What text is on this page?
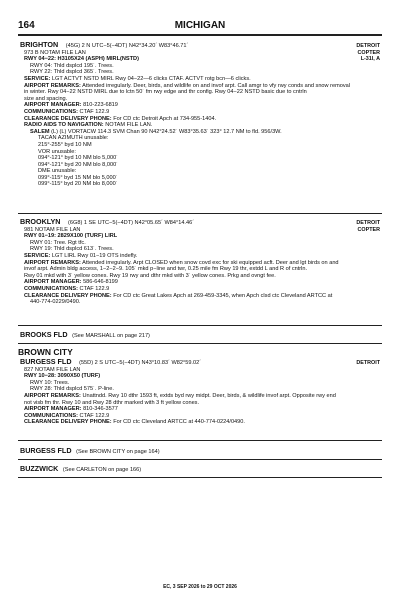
164	MICHIGAN
DETROIT
COPTER
L-31I, A
BRIGHTON (45G) 2 N UTC−5(−4DT) N42°34.20´ W83°46.71´
973 B NOTAM FILE LAN
RWY 04−22: H3105X24 (ASPH) MIRL(NSTD)
RWY 04: Thld dsplcd 195´. Trees.
RWY 22: Thld dsplcd 365´. Trees.
SERVICE: LGT ACTVT NSTD MIRL Rwy 04−22—6 clicks CTAF. ACTVT rotg bcn—6 clicks.
AIRPORT REMARKS: Attended irregularly. Deer, birds, and wildlife on and invof arpt. Call amgr to vfy rwy conds and snow removal
in winter. Rwy 04−22 NSTD MIRL due to lctn 50´ fm rwy edge and thr config. Rwy 04−22 NSTD basic due to cntrln
size and spacing.
AIRPORT MANAGER: 810-223-6819
COMMUNICATIONS: CTAF 122.9
CLEARANCE DELIVERY PHONE: For CD ctc Detroit Apch at 734-955-1404.
RADIO AIDS TO NAVIGATION: NOTAM FILE LAN.
SALEM (L) (L) VORTACW 114.3 SVM Chan 90 N42°24.52´ W83°35.63´ 323° 12.7 NM to fld. 956/3W.
TACAN AZIMUTH unusable:
215°-255° byd 10 NM
VOR unusable:
094°-121° byd 10 NM blo 5,000´
094°-121° byd 20 NM blo 8,000´
DME unusable:
099°-115° byd 15 NM blo 5,000´
099°-115° byd 20 NM blo 8,000´
DETROIT
COPTER
BROOKLYN (6G8) 1 SE UTC−5(−4DT) N42°05.65´ W84°14.46´
981 NOTAM FILE LAN
RWY 01−19: 2829X100 (TURF) LIRL
RWY 01: Tree. Rgt tfc.
RWY 19: Thld dsplcd 613´. Trees.
SERVICE: LGT LIRL Rwy 01−19 OTS indefly.
AIRPORT REMARKS: Attended irregularly. Arpt CLOSED when snow covd exc for ski equipped acft. Deer and lgt birds on and
invof arpt. Admin bldg access, 1−2−2−9. 105´ mkd p−line and twr, 0.25 mile fm Rwy 19 thr, extdd L and R of cntrln.
Rwy 01 mkd with 3´ yellow cones. Rwy 19 rwy and dthr mkd with 3´ yellow cones. Prkg and ovngt fee.
AIRPORT MANAGER: 586-646-8199
COMMUNICATIONS: CTAF 122.9
CLEARANCE DELIVERY PHONE: For CD ctc Great Lakes Apch at 269-459-3345, when Apch clsd ctc Cleveland ARTCC at
440-774-0229/0490.
BROOKS FLD (See MARSHALL on page 217)
BROWN CITY
DETROIT
BURGESS FLD (55D) 2 S UTC−5(−4DT) N43°10.83´ W82°59.02´
827 NOTAM FILE LAN
RWY 10−28: 3090X50 (TURF)
RWY 10: Trees.
RWY 28: Thld dsplcd 575´. P-line.
AIRPORT REMARKS: Unattndd. Rwy 10 dthr 1593 ft, extds byd rwy midpt. Deer, birds, & wildlife invof arpt. Opposite rwy end
not visb fm thr. Rwy 10 and Rwy 28 dthr marked with 3 ft yellow cones.
AIRPORT MANAGER: 810-346-3577
COMMUNICATIONS: CTAF 122.9
CLEARANCE DELIVERY PHONE: For CD ctc Cleveland ARTCC at 440-774-0224/0490.
BURGESS FLD (See BROWN CITY on page 164)
BUZZWICK (See CARLETON on page 166)
EC, 3 SEP 2026 to 29 OCT 2026
